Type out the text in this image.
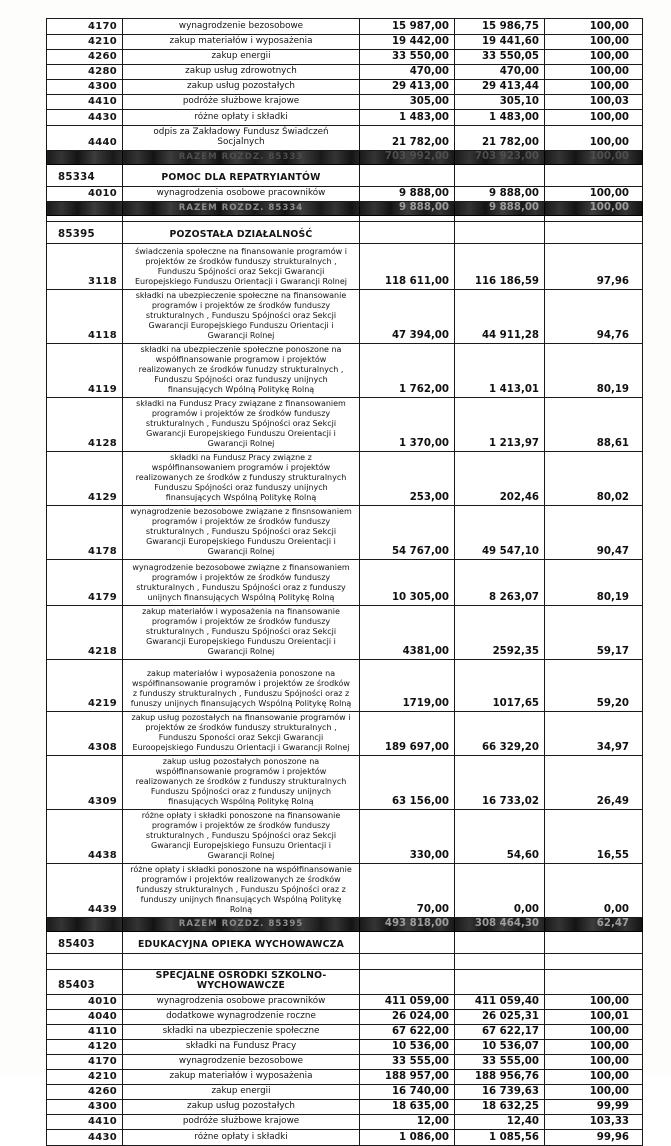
4170	wynagrodzenie bezosobowe	15 987,00	15 986,75	100,00
4210	zakup materiałów i wyposażenia	19 442,00	19 441,60	100,00
4260	zakup energii	33 550,00	33 550,05	100,00
4280	zakup usług zdrowotnych	470,00	470,00	100,00
4300	zakup usług pozostałych	29 413,00	29 413,44	100,00
4410	podróże służbowe krajowe	305,00	305,10	100,03
4430	różne opłaty i składki	1 483,00	1 483,00	100,00
4440	odpis za Zakładowy Fundusz Świadczeń Socjalnych	21 782,00	21 782,00	100,00
	RAZEM ROZDZ. 85333	703 992,00	703 923,00	100,00
85334	POMOC DLA REPATRYIANTÓW			
4010	wynagrodzenia osobowe pracowników	9 888,00	9 888,00	100,00
	RAZEM ROZDZ. 85334	9 888,00	9 888,00	100,00

85395	POZOSTAŁA DZIAŁALNOŚĆ			
3118	świadczenia społeczne na finansowanie programów i projektów ze środków funduszy strukturalnych , Funduszu Spójności oraz Sekcji Gwarancji Europejskiego Funduszu Orientacji i Gwarancji Rolnej	118 611,00	116 186,59	97,96
4118	składki na ubezpieczenie społeczne na finansowanie programów i projektów ze środków funduszy strukturalnych , Funduszu Spójności oraz Sekcji Gwarancji Europejskiego Funduszu Orientacji i Gwarancji Rolnej	47 394,00	44 911,28	94,76
4119	składki na ubezpieczenie społeczne ponoszone na współfinansowanie programow i projektów realizowanych ze środków funudzy strukturalnych , Funduszu Spójności oraz funduszy unijnych finansujących Wpólną Politykę Rolną	1 762,00	1 413,01	80,19
4128	składki na Fundusz Pracy związane z finansowaniem programów i projektów ze środków funduszy strukturalnych , Funduszu Spójności oraz Sekcji Gwarancji Europejskiego Funduszu Oreientacji i Gwarancji Rolnej	1 370,00	1 213,97	88,61
4129	składki na Fundusz Pracy związne z współfinansowaniem programów i projektów realizowanych ze środków z funduszy strukturalnych Funduszu Spójności oraz funduszy unijnych finansujących Wspólną Politykę Rolną	253,00	202,46	80,02
4178	wynagrodzenie bezosobowe związane z finsnsowaniem programów i projektów ze środków funduszy strukturalnych , Funduszu Spójności oraz Sekcji Gwarancji Europejskiego Funduszu Oreientacji i Gwarancji Rolnej	54 767,00	49 547,10	90,47
4179	wynagrodzenie bezosobowe związne z finansowaniem programów i projektów ze środków funduszy strukturalnych , Funduszu Spójności oraz z funduszy unijnych finansujących Wspólną Politykę Rolną	10 305,00	8 263,07	80,19
4218	zakup materiałów i wyposażenia na finansowanie programów i projektów ze środków funduszy strukturalnych , Funduszu Spójności oraz Sekcji Gwarancji Europejskiego Funduszu Oreientacji i Gwarancji Rolnej	4381,00	2592,35	59,17
4219	zakup materiałów i wyposażenia ponoszone na współfinansowanie programów i projektów ze środków z funduszy strukturalnych , Funduszu Spójności oraz z funuszy unijnych finansujących Wspólną Politykę Rolną	1719,00	1017,65	59,20
4308	zakup usług pozostałych na finansowanie programów i projektów ze środków funduszy strukturalnych , Funduszu Sponości oraz Sekcji Gwarancji Euroopejskiego Funduszu Orientacji i Gwarancji Rolnej	189 697,00	66 329,20	34,97
4309	zakup usług pozostałych ponoszone na współfinansowanie programów i projektów realizowanych ze środków z funduszy strukturalnych Funduszu Spójności oraz z funduszy unijnych finasujących Wspólną Politykę Rolną	63 156,00	16 733,02	26,49
4438	różne opłaty i składki ponoszone na finansowanie programów i projektów ze środków funduszy strukturalnych , Funduszu Spójności oraz Sekcji Gwarancji Europejskiego Funsuzu Orientacji i Gwarancji Rolnej	330,00	54,60	16,55
4439	różne opłaty i składki ponoszone na współfinansowanie programów i projektów realizowanych ze środków funduszy strukturalnych , Funduszu Spójności oraz z funduszy unijnych finansujących Wspólną Politykę Rolną	70,00	0,00	0,00
	RAZEM ROZDZ. 85395	493 818,00	308 464,30	62,47
85403	EDUKACYJNA OPIEKA WYCHOWAWCZA			

85403	SPECJALNE OSRODKI SZKOLNO- WYCHOWAWCZE			
4010	wynagrodzenia osobowe pracowników	411 059,00	411 059,40	100,00
4040	dodatkowe wynagrodzenie roczne	26 024,00	26 025,31	100,01
4110	składki na ubezpieczenie społeczne	67 622,00	67 622,17	100,00
4120	składki na Fundusz Pracy	10 536,00	10 536,07	100,00
4170	wynagrodzenie bezosobowe	33 555,00	33 555,00	100,00
4210	zakup materiałów i wyposażenia	188 957,00	188 956,76	100,00
4260	zakup energii	16 740,00	16 739,63	100,00
4300	zakup usług pozostałych	18 635,00	18 632,25	99,99
4410	podróże służbowe krajowe	12,00	12,40	103,33
4430	różne opłaty i składki	1 086,00	1 085,56	99,96
